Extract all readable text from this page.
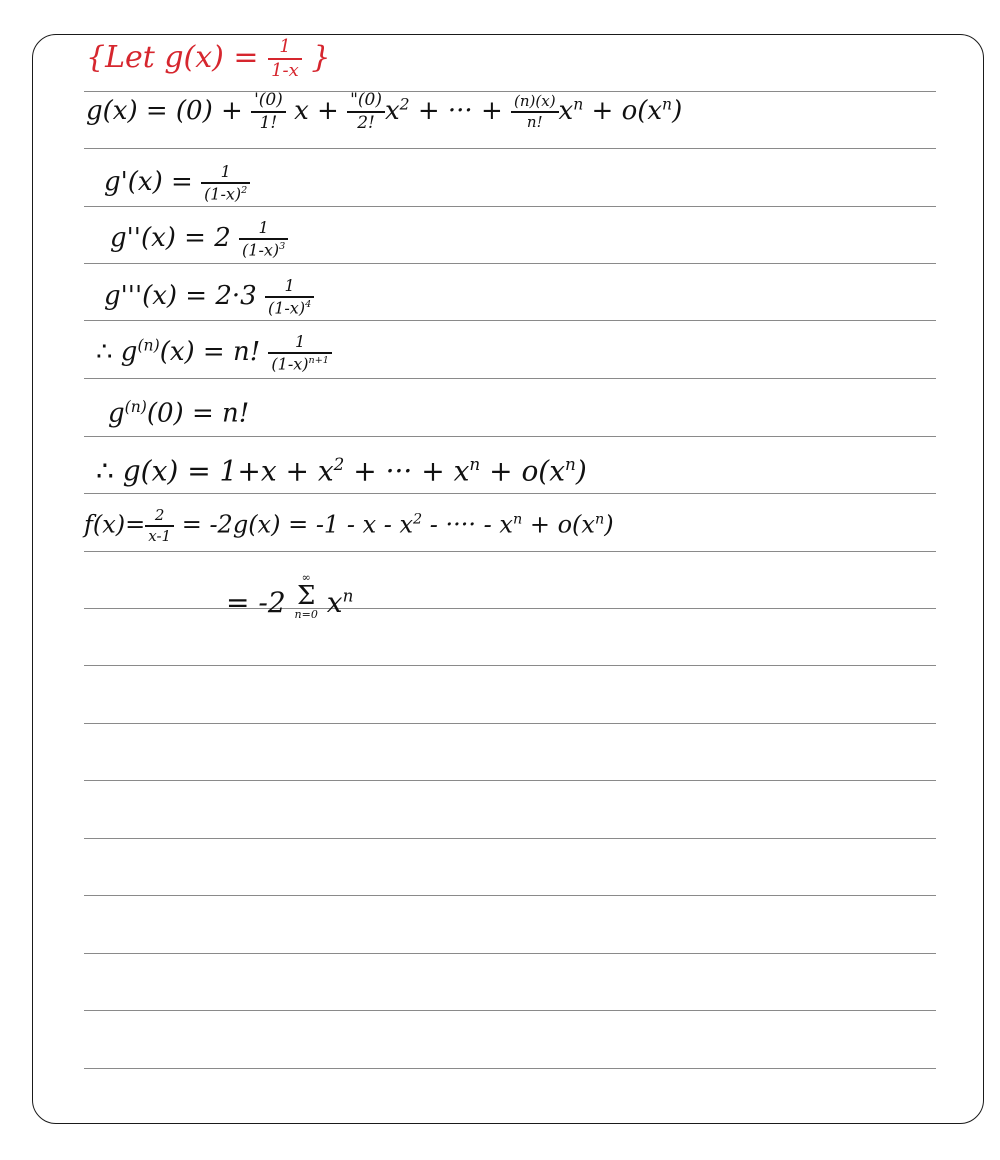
{Let $g(x) = \frac{1}{1-x}$ }
$g(x) = (0) + \frac{'(0)}{1!}$ $x + \frac{"(0)}{2!} x^2$ + ··· + $\frac{(n)(x)}{n!} x^n + o(x^n)$
$g'(x) = \frac{1}{(1-x)^2}$
$g''(x) = 2 \frac{1}{(1-x)^3}$
$g'''(x) = 2\cdot 3 \frac{1}{(1-x)^4}$
∴ $g^{(n)}(x) = n$! $\frac{1}{(1-x)^{n+1}}$
$g^{(n)}(0) = n$!
∴ $g(x) = 1+x + x^2$ + ··· + $x^n + o(x^n)$
$f(x)= \frac{2}{x-1} = -2g(x) = -1 - x - x^2$ - ···· - $x^n + o(x^n)$
= -2
∞
Σ
n=0 $x^n$
